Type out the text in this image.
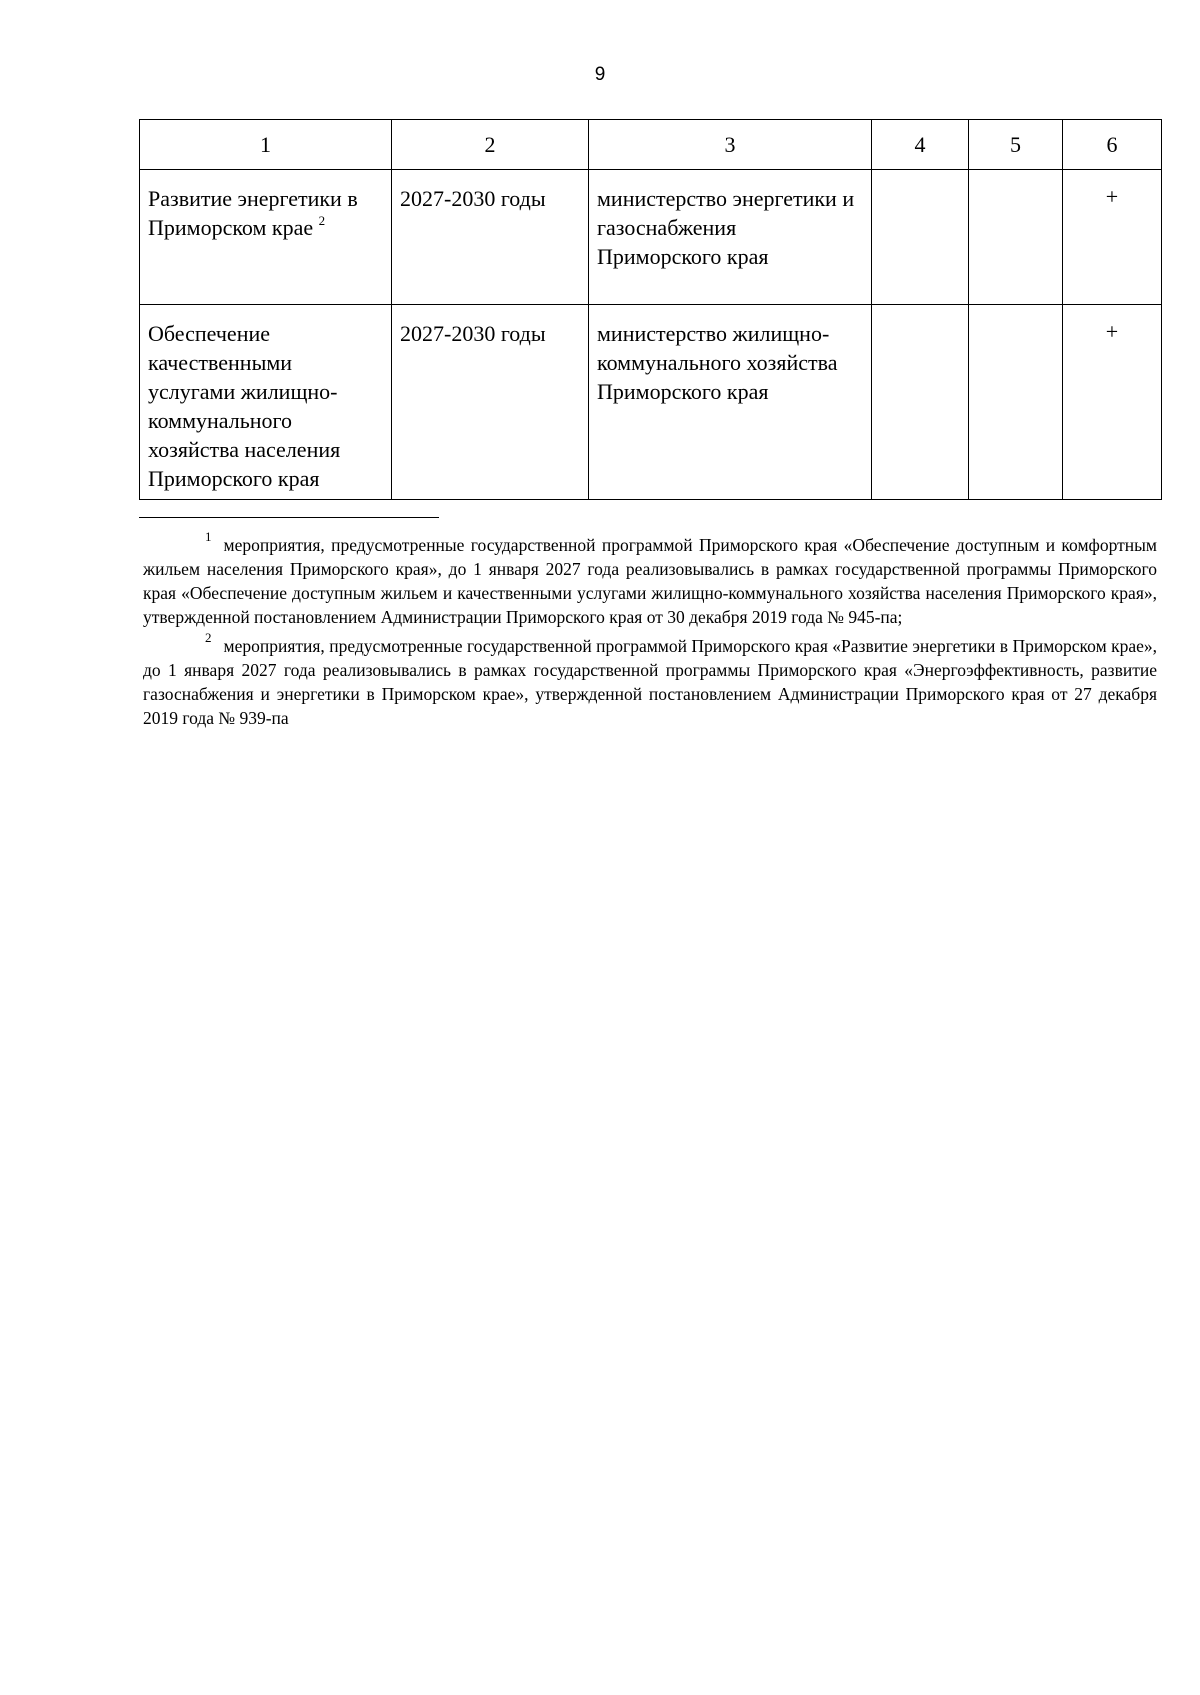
9
1	2	3	4	5	6
Развитие энергетики в Приморском крае $^2$	2027-2030 годы	министерство энергетики и газоснабжения Приморского края			+
Обеспечение качественными услугами жилищно-коммунального хозяйства населения Приморского края	2027-2030 годы	министерство жилищно-коммунального хозяйства Приморского края			+

$^1$ мероприятия, предусмотренные государственной программой Приморского края «Обеспечение доступным и комфортным жильем населения Приморского края», до 1 января 2027 года реализовывались в рамках государственной программы Приморского края «Обеспечение доступным жильем и качественными услугами жилищно-коммунального хозяйства населения Приморского края», утвержденной постановлением Администрации Приморского края от 30 декабря 2019 года № 945-па;

$^2$ мероприятия, предусмотренные государственной программой Приморского края «Развитие энергетики в Приморском крае», до 1 января 2027 года реализовывались в рамках государственной программы Приморского края «Энергоэффективность, развитие газоснабжения и энергетики в Приморском крае», утвержденной постановлением Администрации Приморского края от 27 декабря 2019 года № 939-па
